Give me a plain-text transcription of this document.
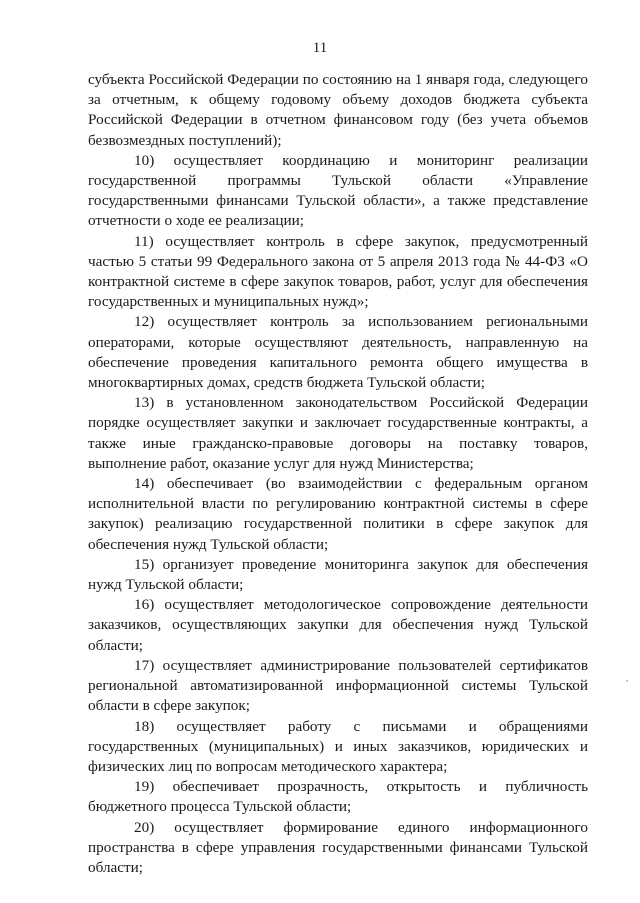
11

субъекта Российской Федерации по состоянию на 1 января года, следующего за отчетным, к общему годовому объему доходов бюджета субъекта Российской Федерации в отчетном финансовом году (без учета объемов безвозмездных поступлений);

10) осуществляет координацию и мониторинг реализации государственной программы Тульской области «Управление государственными финансами Тульской области», а также представление отчетности о ходе ее реализации;

11) осуществляет контроль в сфере закупок, предусмотренный частью 5 статьи 99 Федерального закона от 5 апреля 2013 года № 44-ФЗ «О контрактной системе в сфере закупок товаров, работ, услуг для обеспечения государственных и муниципальных нужд»;

12) осуществляет контроль за использованием региональными операторами, которые осуществляют деятельность, направленную на обеспечение проведения капитального ремонта общего имущества в многоквартирных домах, средств бюджета Тульской области;

13) в установленном законодательством Российской Федерации порядке осуществляет закупки и заключает государственные контракты, а также иные гражданско-правовые договоры на поставку товаров, выполнение работ, оказание услуг для нужд Министерства;

14) обеспечивает (во взаимодействии с федеральным органом исполнительной власти по регулированию контрактной системы в сфере закупок) реализацию государственной политики в сфере закупок для обеспечения нужд Тульской области;

15) организует проведение мониторинга закупок для обеспечения нужд Тульской области;

16) осуществляет методологическое сопровождение деятельности заказчиков, осуществляющих закупки для обеспечения нужд Тульской области;

17) осуществляет администрирование пользователей сертификатов региональной автоматизированной информационной системы Тульской области в сфере закупок;

18) осуществляет работу с письмами и обращениями государственных (муниципальных) и иных заказчиков, юридических и физических лиц по вопросам методического характера;

19) обеспечивает прозрачность, открытость и публичность бюджетного процесса Тульской области;

20) осуществляет формирование единого информационного пространства в сфере управления государственными финансами Тульской области;
